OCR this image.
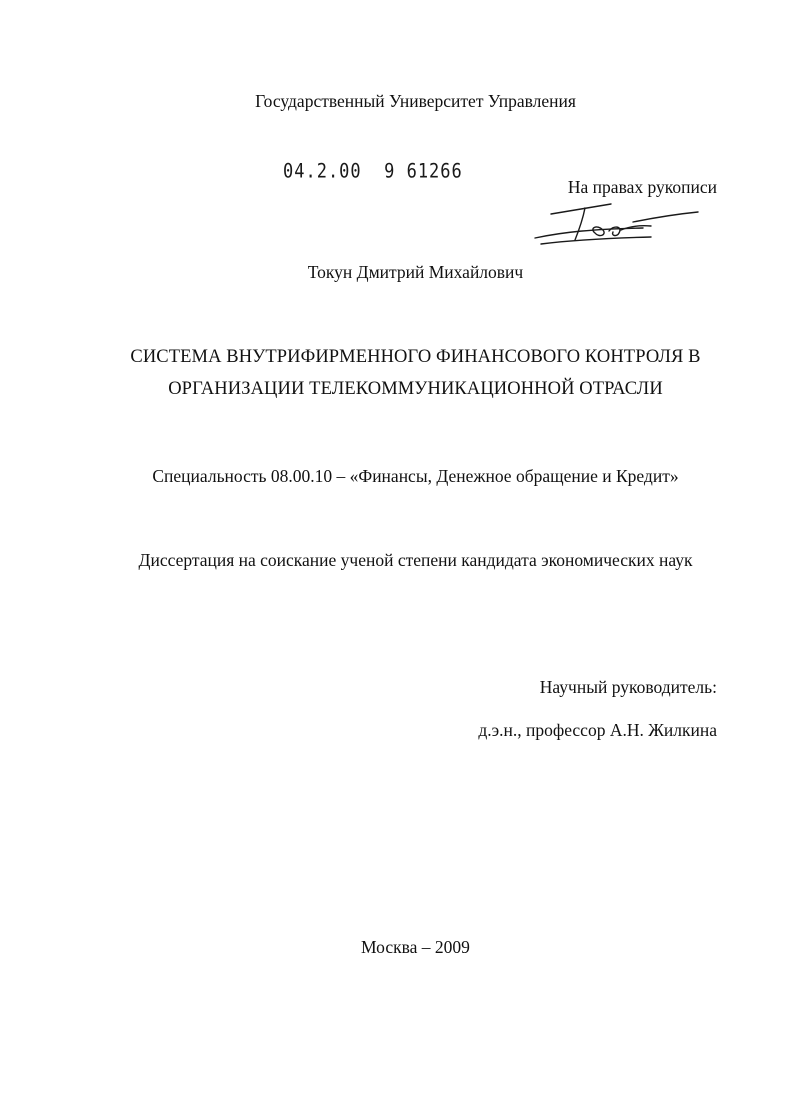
Государственный Университет Управления
04.2.00  9 61266
На правах рукописи
Токун Дмитрий Михайлович
СИСТЕМА ВНУТРИФИРМЕННОГО ФИНАНСОВОГО КОНТРОЛЯ В
ОРГАНИЗАЦИИ ТЕЛЕКОММУНИКАЦИОННОЙ ОТРАСЛИ
Специальность 08.00.10 – «Финансы, Денежное обращение и Кредит»
Диссертация на соискание ученой степени кандидата экономических наук
Научный руководитель:
д.э.н., профессор А.Н. Жилкина
Москва – 2009
